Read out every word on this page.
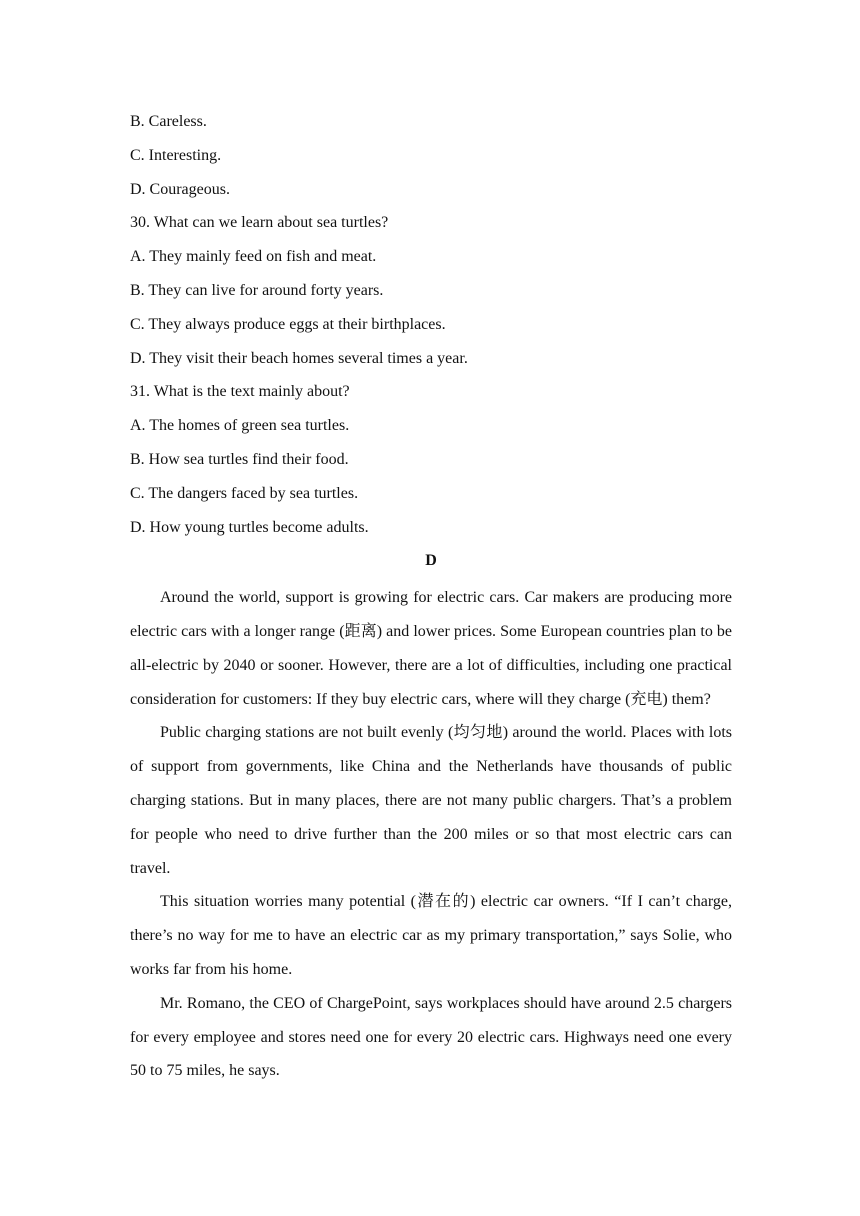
B. Careless.
C. Interesting.
D. Courageous.
30. What can we learn about sea turtles?
A. They mainly feed on fish and meat.
B. They can live for around forty years.
C. They always produce eggs at their birthplaces.
D. They visit their beach homes several times a year.
31. What is the text mainly about?
A. The homes of green sea turtles.
B. How sea turtles find their food.
C. The dangers faced by sea turtles.
D. How young turtles become adults.
D

Around the world, support is growing for electric cars. Car makers are producing more electric cars with a longer range (距离) and lower prices. Some European countries plan to be all-electric by 2040 or sooner. However, there are a lot of difficulties, including one practical consideration for customers: If they buy electric cars, where will they charge (充电) them?

Public charging stations are not built evenly (均匀地) around the world. Places with lots of support from governments, like China and the Netherlands have thousands of public charging stations. But in many places, there are not many public chargers. That’s a problem for people who need to drive further than the 200 miles or so that most electric cars can travel.

This situation worries many potential (潜在的) electric car owners. “If I can’t charge, there’s no way for me to have an electric car as my primary transportation,” says Solie, who works far from his home.

Mr. Romano, the CEO of ChargePoint, says workplaces should have around 2.5 chargers for every employee and stores need one for every 20 electric cars. Highways need one every 50 to 75 miles, he says.
